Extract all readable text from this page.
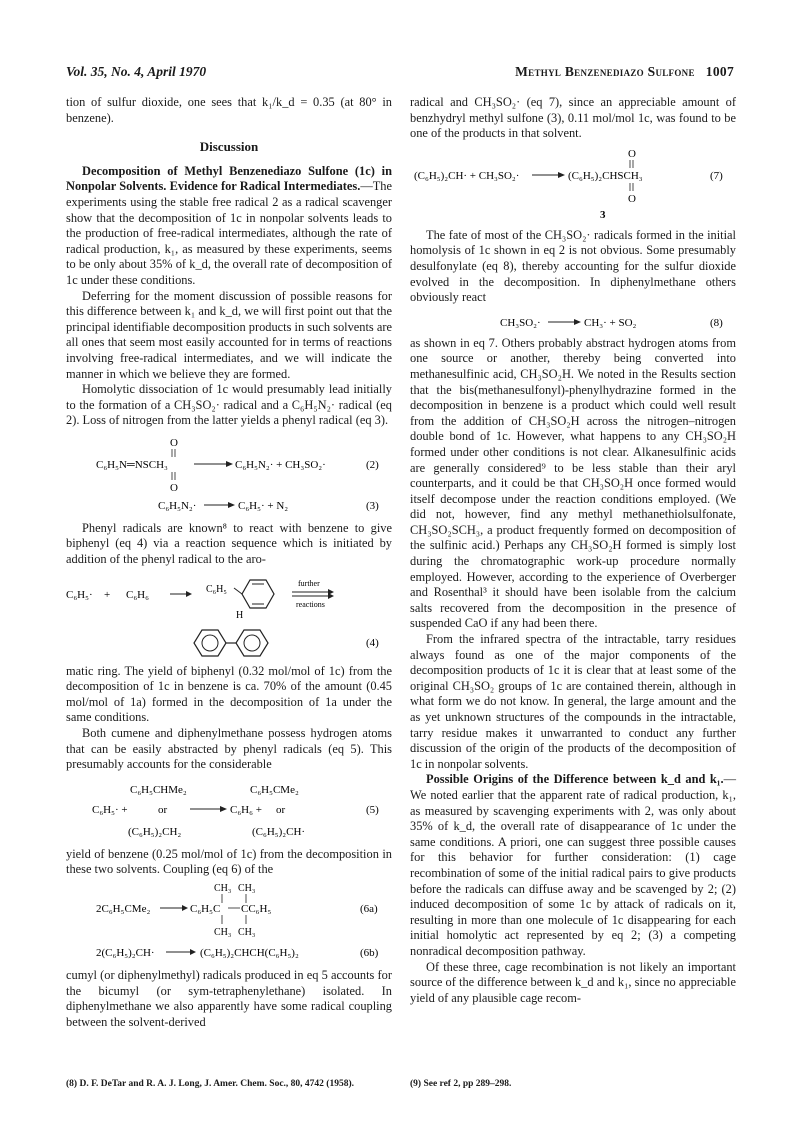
Vol. 35, No. 4, April 1970	Methyl Benzenediazo Sulfone 1007

tion of sulfur dioxide, one sees that k₁/k_d = 0.35 (at 80° in benzene).

Discussion

Decomposition of Methyl Benzenediazo Sulfone (1c) in Nonpolar Solvents. Evidence for Radical Intermediates.—The experiments using the stable free radical 2 as a radical scavenger show that the decomposition of 1c in nonpolar solvents leads to the production of free-radical intermediates, although the rate of radical production, k₁, as measured by these experiments, seems to be only about 35% of k_d, the overall rate of decomposition of 1c under these conditions.

Deferring for the moment discussion of possible reasons for this difference between k₁ and k_d, we will first point out that the principal identifiable decomposition products in such solvents are all ones that seem most easily accounted for in terms of reactions involving free-radical intermediates, and we will indicate the manner in which we believe they are formed.

Homolytic dissociation of 1c would presumably lead initially to the formation of a CH₃SO₂· radical and a C₆H₅N₂· radical (eq 2). Loss of nitrogen from the latter yields a phenyl radical (eq 3).

O
C₆H₅N═NSCH₃	C₆H₅N₂· + CH₃SO₂·	(2)
O
C₆H₅N₂·	C₆H₅· + N₂	(3)

Phenyl radicals are known⁸ to react with benzene to give biphenyl (eq 4) via a reaction sequence which is initiated by addition of the phenyl radical to the aro-

C₆H₅· + C₆H₆	C₆H₅
H
further
reactions
(4)

matic ring. The yield of biphenyl (0.32 mol/mol of 1c) from the decomposition of 1c in benzene is ca. 70% of the amount (0.45 mol/mol of 1a) formed in the decomposition of 1a under the same conditions.

Both cumene and diphenylmethane possess hydrogen atoms that can be easily abstracted by phenyl radicals (eq 5). This presumably accounts for the considerable

C₆H₅CHMe₂	C₆H₅CMe₂
C₆H₅· +	or	C₆H₆ + or	(5)
(C₆H₅)₂CH₂	(C₆H₅)₂CH·

yield of benzene (0.25 mol/mol of 1c) from the decomposition in these two solvents. Coupling (eq 6) of the

CH₃ CH₃
2C₆H₅CMe₂	C₆H₅C CC₆H₅	(6a)
CH₃ CH₃
2(C₆H₅)₂CH·	(C₆H₅)₂CHCH(C₆H₅)₂	(6b)

cumyl (or diphenylmethyl) radicals produced in eq 5 accounts for the bicumyl (or sym-tetraphenylethane) isolated. In diphenylmethane we also apparently have some radical coupling between the solvent-derived

radical and CH₃SO₂· (eq 7), since an appreciable amount of benzhydryl methyl sulfone (3), 0.11 mol/mol 1c, was found to be one of the products in that solvent.

O
(C₆H₅)₂CH· + CH₃SO₂·	(C₆H₅)₂CHSCH₃	(7)
O
3

The fate of most of the CH₃SO₂· radicals formed in the initial homolysis of 1c shown in eq 2 is not obvious. Some presumably desulfonylate (eq 8), thereby accounting for the sulfur dioxide evolved in the decomposition. In diphenylmethane others obviously react

CH₃SO₂·	CH₃· + SO₂	(8)

as shown in eq 7. Others probably abstract hydrogen atoms from one source or another, thereby being converted into methanesulfinic acid, CH₃SO₂H. We noted in the Results section that the bis(methanesulfonyl)-phenylhydrazine formed in the decomposition in benzene is a product which could well result from the addition of CH₃SO₂H across the nitrogen–nitrogen double bond of 1c. However, what happens to any CH₃SO₂H formed under other conditions is not clear. Alkanesulfinic acids are generally considered⁹ to be less stable than their aryl counterparts, and it could be that CH₃SO₂H once formed would itself decompose under the reaction conditions employed. (We did not, however, find any methyl methanethiolsulfonate, CH₃SO₂SCH₃, a product frequently formed on decomposition of the sulfinic acid.) Perhaps any CH₃SO₂H formed is simply lost during the chromatographic work-up procedure normally employed. However, according to the experience of Overberger and Rosenthal³ it should have been isolable from the calcium salts recovered from the decomposition in the presence of suspended CaO if any had been there.

From the infrared spectra of the intractable, tarry residues always found as one of the major components of the decomposition products of 1c it is clear that at least some of the original CH₃SO₂ groups of 1c are contained therein, although in what form we do not know. In general, the large amount and the as yet unknown structures of the compounds in the intractable, tarry residue makes it unwarranted to conduct any further discussion of the origin of the products of the decomposition of 1c in nonpolar solvents.

Possible Origins of the Difference between k_d and k₁.—We noted earlier that the apparent rate of radical production, k₁, as measured by scavenging experiments with 2, was only about 35% of k_d, the overall rate of disappearance of 1c under the same conditions. A priori, one can suggest three possible causes for this behavior for further consideration: (1) cage recombination of some of the initial radical pairs to give products before the radicals can diffuse away and be scavenged by 2; (2) induced decomposition of some 1c by attack of radicals on it, resulting in more than one molecule of 1c disappearing for each initial homolytic act represented by eq 2; (3) a competing nonradical decomposition pathway.

Of these three, cage recombination is not likely an important source of the difference between k_d and k₁, since no appreciable yield of any plausible cage recom-

(8) D. F. DeTar and R. A. J. Long, J. Amer. Chem. Soc., 80, 4742 (1958).	(9) See ref 2, pp 289–298.
